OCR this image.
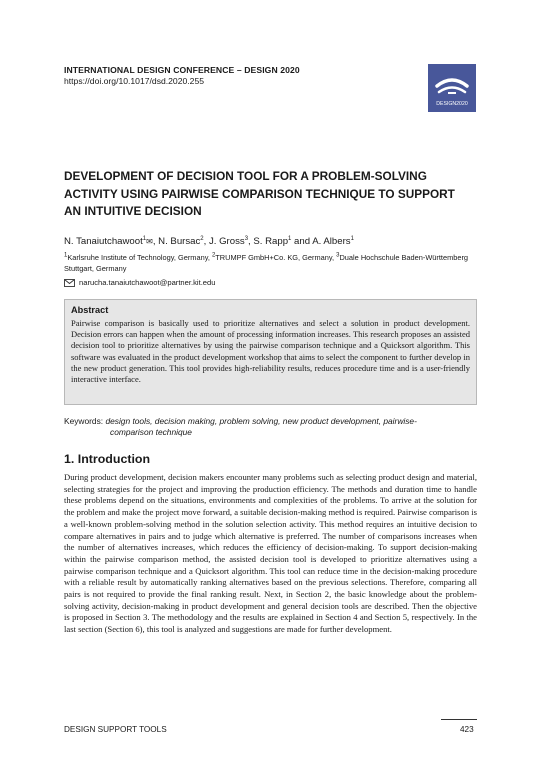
INTERNATIONAL DESIGN CONFERENCE – DESIGN 2020
https://doi.org/10.1017/dsd.2020.255
DESIGN2020
DEVELOPMENT OF DECISION TOOL FOR A PROBLEM-SOLVING ACTIVITY USING PAIRWISE COMPARISON TECHNIQUE TO SUPPORT AN INTUITIVE DECISION
N. Tanaiutchawoot$^1$✉, N. Bursac$^2$, J. Gross$^3$, S. Rapp$^1$ and A. Albers$^1$
$^1$Karlsruhe Institute of Technology, Germany, $^2$TRUMPF GmbH+Co. KG, Germany, $^3$Duale Hochschule Baden-Württemberg Stuttgart, Germany
narucha.tanaiutchawoot@partner.kit.edu
Abstract
Pairwise comparison is basically used to prioritize alternatives and select a solution in product development. Decision errors can happen when the amount of processing information increases. This research proposes an assisted decision tool to prioritize alternatives by using the pairwise comparison technique and a Quicksort algorithm. This software was evaluated in the product development workshop that aims to select the component to further develop in the new product generation. This tool provides high-reliability results, reduces procedure time and is a user-friendly interactive interface.
Keywords: design tools, decision making, problem solving, new product development, pairwise-
comparison technique
1. Introduction
During product development, decision makers encounter many problems such as selecting product design and material, selecting strategies for the project and improving the production efficiency. The methods and duration time to handle these problems depend on the situations, environments and complexities of the problems. To arrive at the solution for the problem and make the project move forward, a suitable decision-making method is required. Pairwise comparison is a well-known problem-solving method in the solution selection activity. This method requires an intuitive decision to compare alternatives in pairs and to judge which alternative is preferred. The number of comparisons increases when the number of alternatives increases, which reduces the efficiency of decision-making. To support decision-making within the pairwise comparison method, the assisted decision tool is developed to prioritize alternatives using a pairwise comparison technique and a Quicksort algorithm. This tool can reduce time in the decision-making procedure with a reliable result by automatically ranking alternatives based on the previous selections. Therefore, comparing all pairs is not required to provide the final ranking result. Next, in Section 2, the basic knowledge about the problem-solving activity, decision-making in product development and general decision tools are described. Then the objective is proposed in Section 3. The methodology and the results are explained in Section 4 and Section 5, respectively. In the last section (Section 6), this tool is analyzed and suggestions are made for further development.
DESIGN SUPPORT TOOLS	423
